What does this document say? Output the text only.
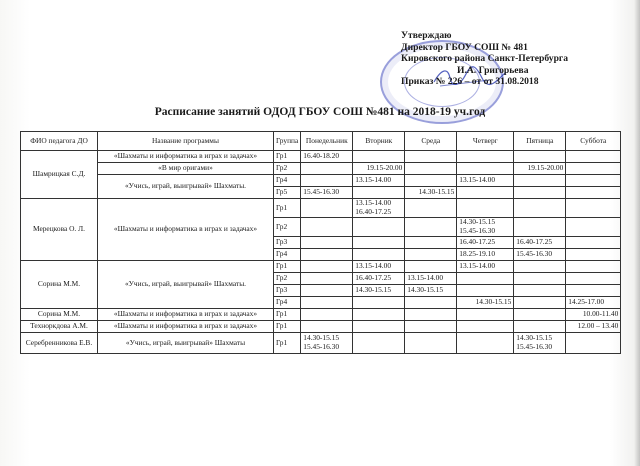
Утверждаю
Директор ГБОУ СОШ № 481
Кировского района Санкт-Петербурга
И.А. Григорьева
Приказ № 226 – от от 31.08.2018
Расписание занятий ОДОД ГБОУ СОШ №481 на 2018-19 уч.год
ФИО педагога ДО	Название программы	Группа	Понедельник	Вторник	Среда	Четверг	Пятница	Суббота
Шамрицкая С.Д.	«Шахматы и информатика в играх и задачах»	Гр1	16.40-18.20					
	«В мир оригами»	Гр2		19.15-20.00			19.15-20.00	
	«Учись, играй, выигрывай» Шахматы.	Гр4		13.15-14.00		13.15-14.00		
		Гр5	15.45-16.30		14.30-15.15			
Мерецкова О. Л.	«Шахматы и информатика в играх и задачах»	Гр1		13.15-14.00
16.40-17.25				
		Гр2				14.30-15.15
15.45-16.30		
		Гр3				16.40-17.25	16.40-17.25	
		Гр4				18.25-19.10	15.45-16.30	
Сорина М.М.	«Учись, играй, выигрывай» Шахматы.	Гр1		13.15-14.00		13.15-14.00		
		Гр2		16.40-17.25	13.15-14.00			
		Гр3		14.30-15.15	14.30-15.15			
		Гр4				14.30-15.15		14.25-17.00
Сорина М.М.	«Шахматы и информатика в играх и задачах»	Гр1						10.00-11.40
Техноркдова А.М.	«Шахматы и информатика в играх и задачах»	Гр1						12.00 – 13.40
Серебренникова Е.В.	«Учись, играй, выигрывай» Шахматы	Гр1	14.30-15.15
15.45-16.30				14.30-15.15
15.45-16.30	
